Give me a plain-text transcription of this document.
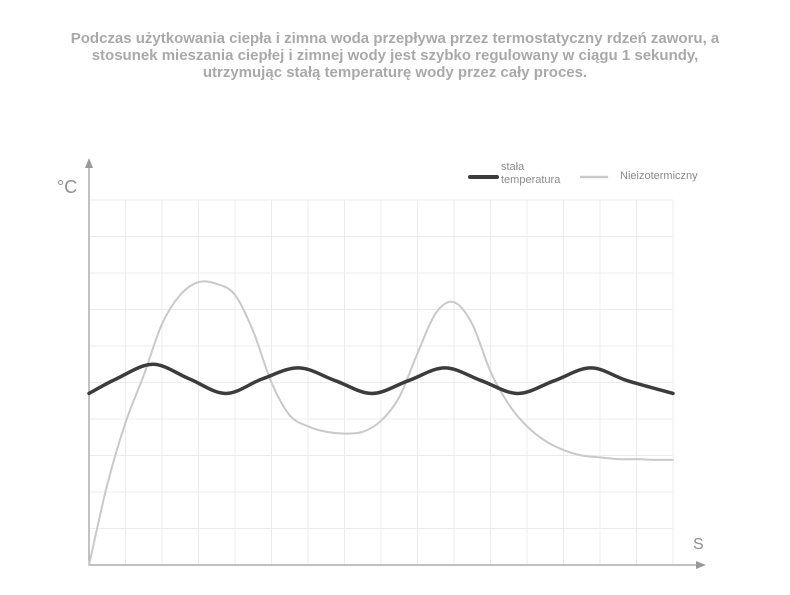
Podczas użytkowania ciepła i zimna woda przepływa przez termostatyczny rdzeń zaworu, a
stosunek mieszania ciepłej i zimnej wody jest szybko regulowany w ciągu 1 sekundy,
utrzymując stałą temperaturę wody przez cały proces.
°C
S
stała
temperatura	Nieizotermiczny
